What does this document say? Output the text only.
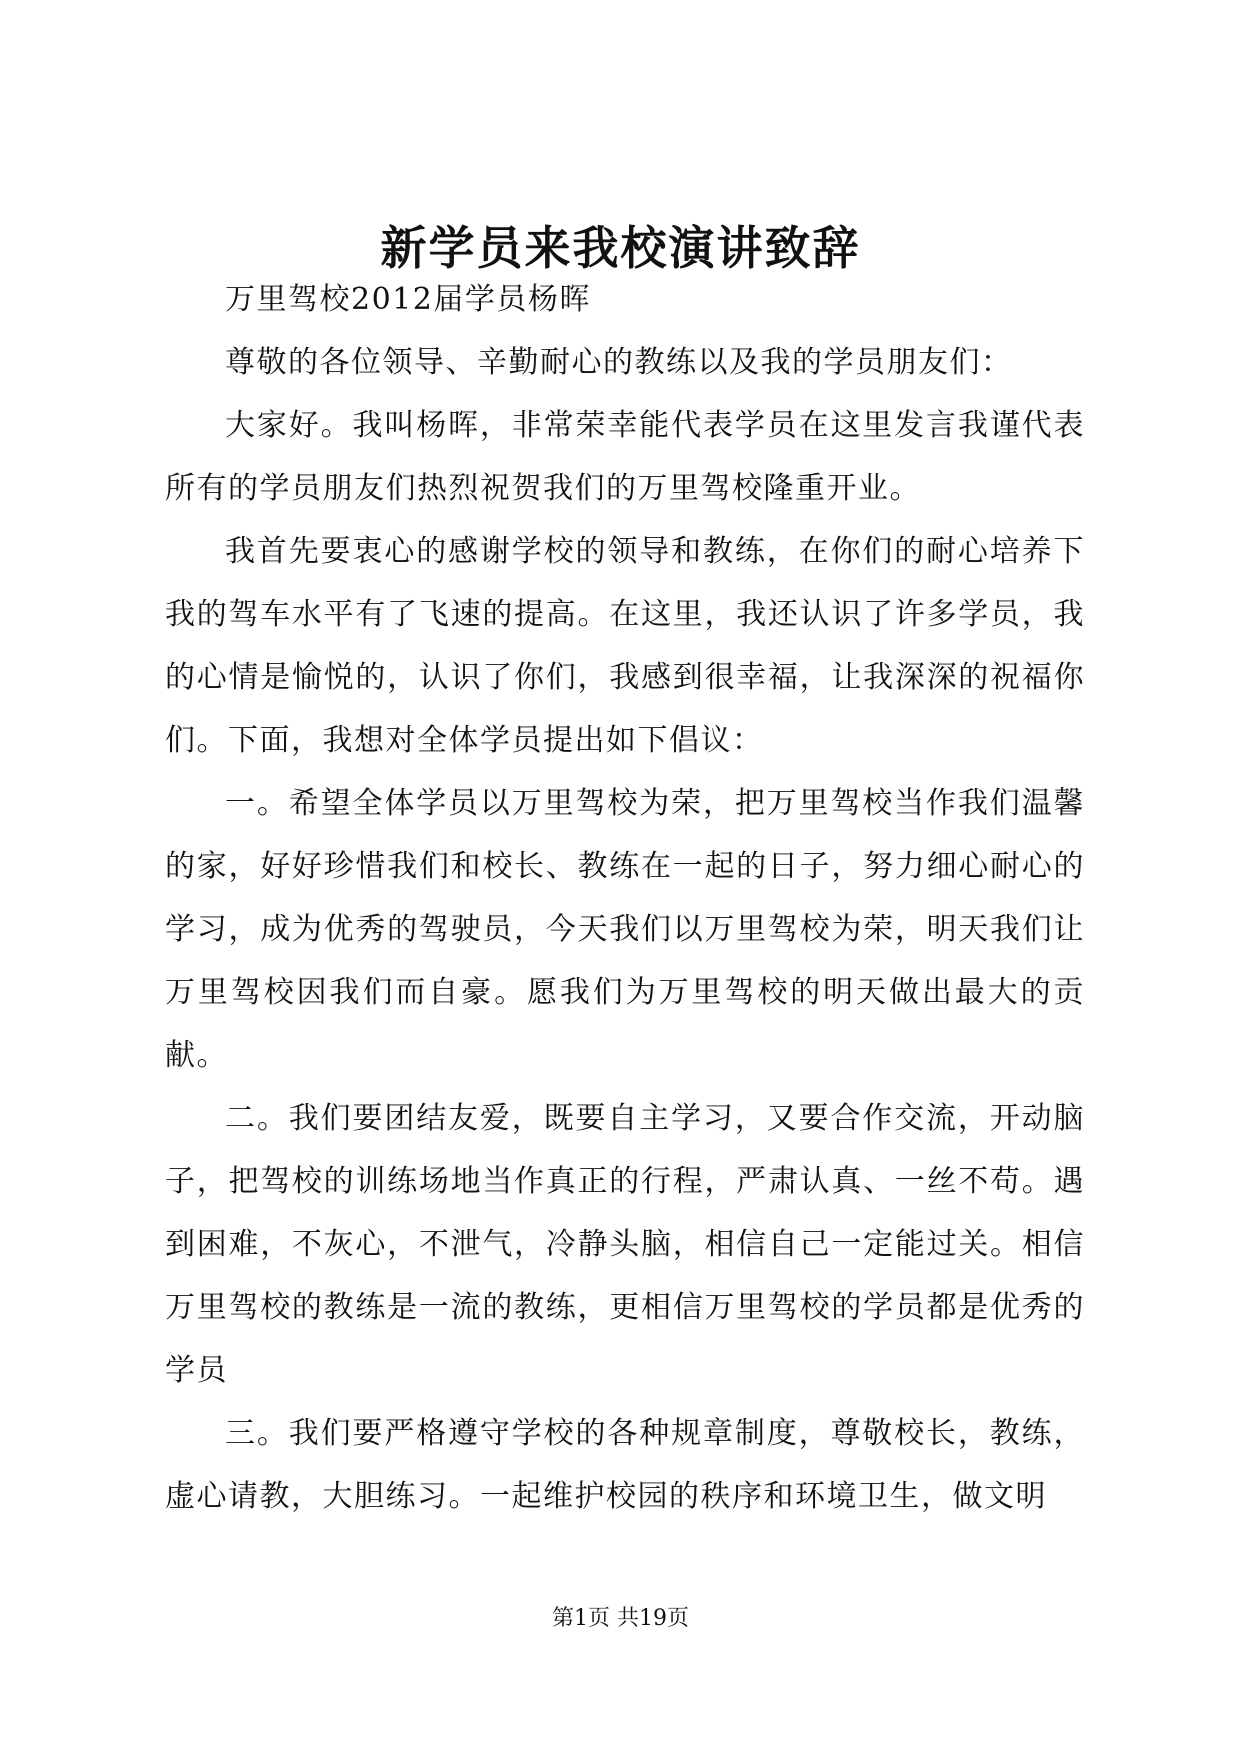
新学员来我校演讲致辞

万里驾校2012届学员杨晖

尊敬的各位领导、辛勤耐心的教练以及我的学员朋友们：

大家好。我叫杨晖，非常荣幸能代表学员在这里发言我谨代表所有的学员朋友们热烈祝贺我们的万里驾校隆重开业。

我首先要衷心的感谢学校的领导和教练，在你们的耐心培养下我的驾车水平有了飞速的提高。在这里，我还认识了许多学员，我的心情是愉悦的，认识了你们，我感到很幸福，让我深深的祝福你们。下面，我想对全体学员提出如下倡议：

一。希望全体学员以万里驾校为荣，把万里驾校当作我们温馨的家，好好珍惜我们和校长、教练在一起的日子，努力细心耐心的学习，成为优秀的驾驶员，今天我们以万里驾校为荣，明天我们让万里驾校因我们而自豪。愿我们为万里驾校的明天做出最大的贡献。

二。我们要团结友爱，既要自主学习，又要合作交流，开动脑子，把驾校的训练场地当作真正的行程，严肃认真、一丝不苟。遇到困难，不灰心，不泄气，冷静头脑，相信自己一定能过关。相信万里驾校的教练是一流的教练，更相信万里驾校的学员都是优秀的学员

三。我们要严格遵守学校的各种规章制度，尊敬校长，教练，虚心请教，大胆练习。一起维护校园的秩序和环境卫生，做文明

第1页 共19页
